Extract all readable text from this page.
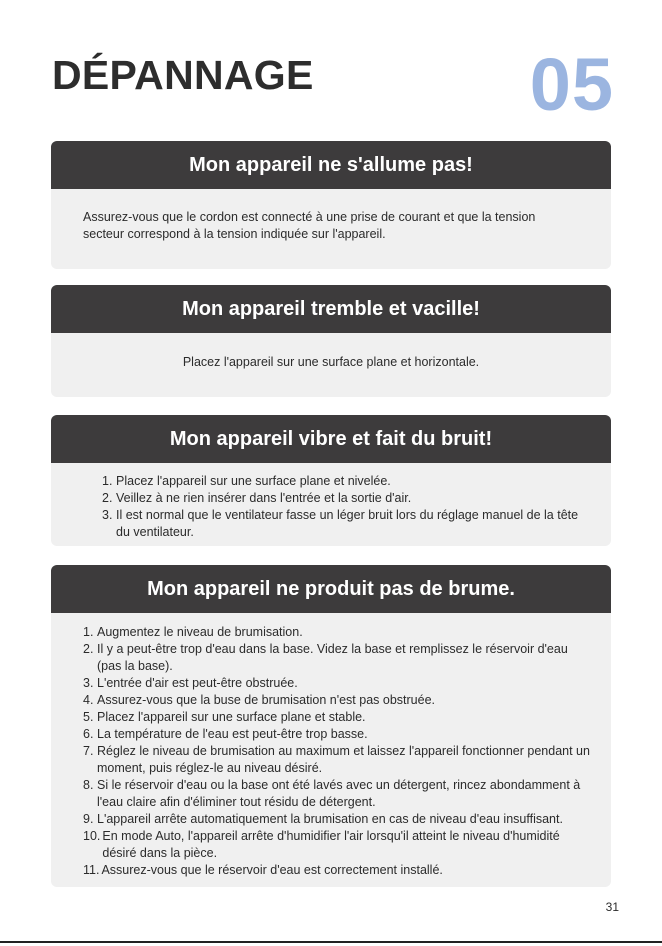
DÉPANNAGE	05
Mon appareil ne s'allume pas!
Assurez-vous que le cordon est connecté à une prise de courant et que la tension secteur correspond à la tension indiquée sur l'appareil.
Mon appareil tremble et vacille!
Placez l'appareil sur une surface plane et horizontale.
Mon appareil vibre et fait du bruit!
1. Placez l'appareil sur une surface plane et nivelée.
2. Veillez à ne rien insérer dans l'entrée et la sortie d'air.
3. Il est normal que le ventilateur fasse un léger bruit lors du réglage manuel de la tête du ventilateur.
Mon appareil ne produit pas de brume.
1. Augmentez le niveau de brumisation.
2. Il y a peut-être trop d'eau dans la base. Videz la base et remplissez le réservoir d'eau (pas la base).
3. L'entrée d'air est peut-être obstruée.
4. Assurez-vous que la buse de brumisation n'est pas obstruée.
5. Placez l'appareil sur une surface plane et stable.
6. La température de l'eau est peut-être trop basse.
7. Réglez le niveau de brumisation au maximum et laissez l'appareil fonctionner pendant un moment, puis réglez-le au niveau désiré.
8. Si le réservoir d'eau ou la base ont été lavés avec un détergent, rincez abondamment à l'eau claire afin d'éliminer tout résidu de détergent.
9. L'appareil arrête automatiquement la brumisation en cas de niveau d'eau insuffisant.
10. En mode Auto, l'appareil arrête d'humidifier l'air lorsqu'il atteint le niveau d'humidité désiré dans la pièce.
11. Assurez-vous que le réservoir d'eau est correctement installé.
31
